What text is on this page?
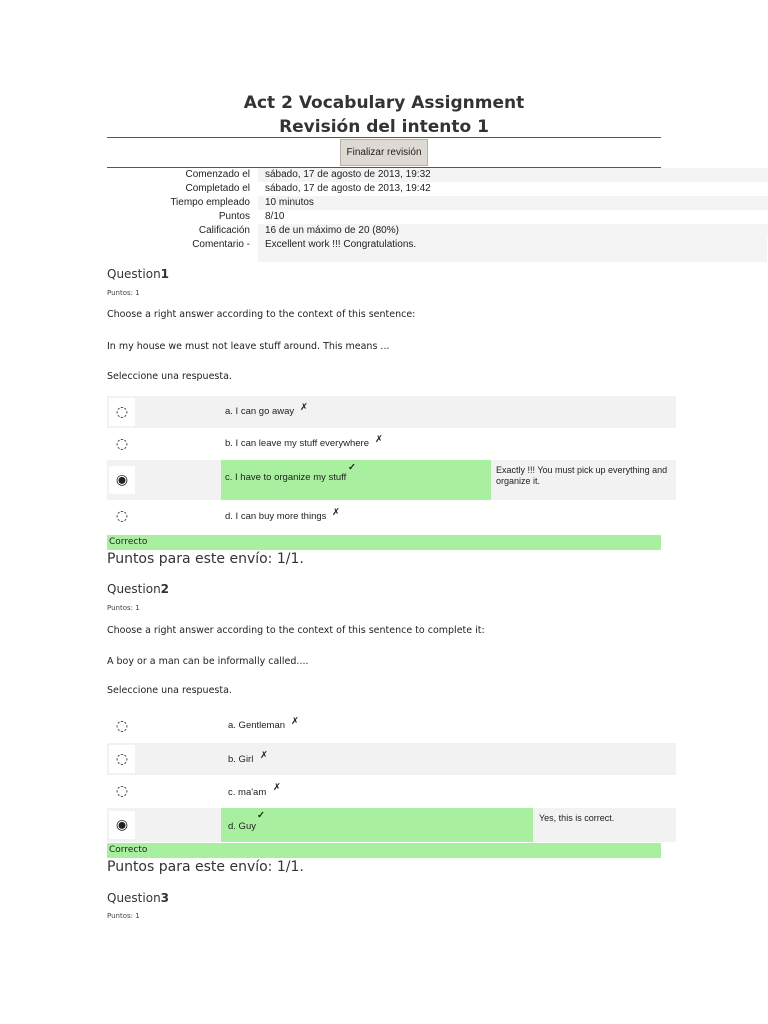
Act 2 Vocabulary Assignment
Revisión del intento 1
Finalizar revisión
Comenzado el sábado, 17 de agosto de 2013, 19:32
Completado el sábado, 17 de agosto de 2013, 19:42
Tiempo empleado 10 minutos
Puntos 8/10
Calificación 16 de un máximo de 20 (80%)
Comentario - Excellent work !!! Congratulations.
Question1
Puntos: 1
Choose a right answer according to the context of this sentence:
In my house we must not leave stuff around. This means ...
Seleccione una respuesta.
◌	a. I can go away ✗
◌	b. I can leave my stuff everywhere ✗
◉	c. I have to organize my stuff
✓	Exactly !!! You must pick up everything and organize it.
◌	d. I can buy more things ✗
Correcto
Puntos para este envío: 1/1.
Question2
Puntos: 1
Choose a right answer according to the context of this sentence to complete it:
A boy or a man can be informally called....
Seleccione una respuesta.
◌	a. Gentleman ✗
◌	b. Girl ✗
◌	c. ma'am ✗
◉	d. Guy
✓	Yes, this is correct.
Correcto
Puntos para este envío: 1/1.
Question3
Puntos: 1
